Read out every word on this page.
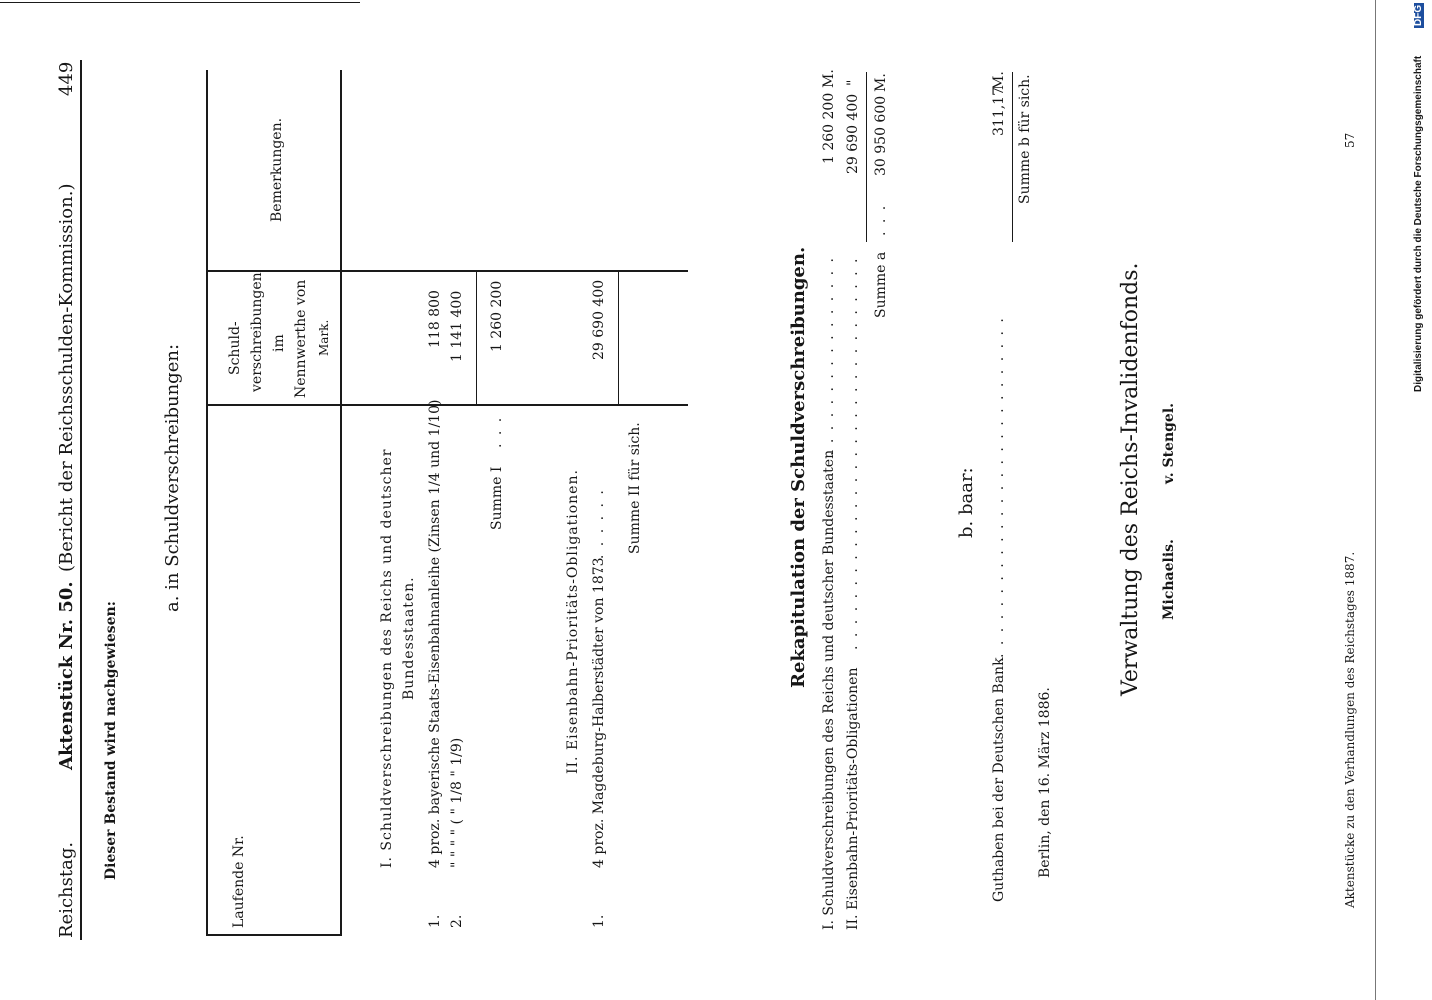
Reichstag.
Aktenstück Nr. 50.
(Bericht der Reichsschulden-Kommission.)
449
Dieser Bestand wird nachgewiesen:
a. in Schuldverschreibungen:
Laufende Nr.
Schuld- verschreibungen im Nennwerthe von Mark.
Bemerkungen.
I. Schuldverschreibungen des Reichs und deutscher Bundesstaaten.
1.
4 proz. bayerische Staats-Eisenbahnanleihe (Zinsen 1/4 und 1/10)
118 800
2.
" " " " ( " 1/8 " 1/9)
1 141 400
Summe I
. . .
1 260 200
II. Eisenbahn-Prioritäts-Obligationen.
1.
4 proz. Magdeburg-Halberstädter von 1873
. . . . . . .
29 690 400
Summe II für sich.	Rekapitulation der Schuldverschreibungen. I. Schuldverschreibungen des Reichs und deutscher Bundesstaaten
. . . . . . . . . . . . . . . .
1 260 200
M.
II. Eisenbahn-Prioritäts-Obligationen
. . . . . . . . . . . . . . . . . . . . . . . . . . . . . . .
29 690 400
"
Summe a
. . .
30 950 600
M.
b. baar:
Guthaben bei der Deutschen Bank
. . . . . . . . . . . . . . . . . . . . . . . . . . .
311,17
M. Summe b für sich.
Berlin, den 16. März 1886.
Verwaltung des Reichs-Invalidenfonds. Michaelis.
v. Stengel.
Aktenstücke zu den Verhandlungen des Reichstages 1887.
57	Digitalisierung gefördert durch die Deutsche Forschungsgemeinschaft
DFG
